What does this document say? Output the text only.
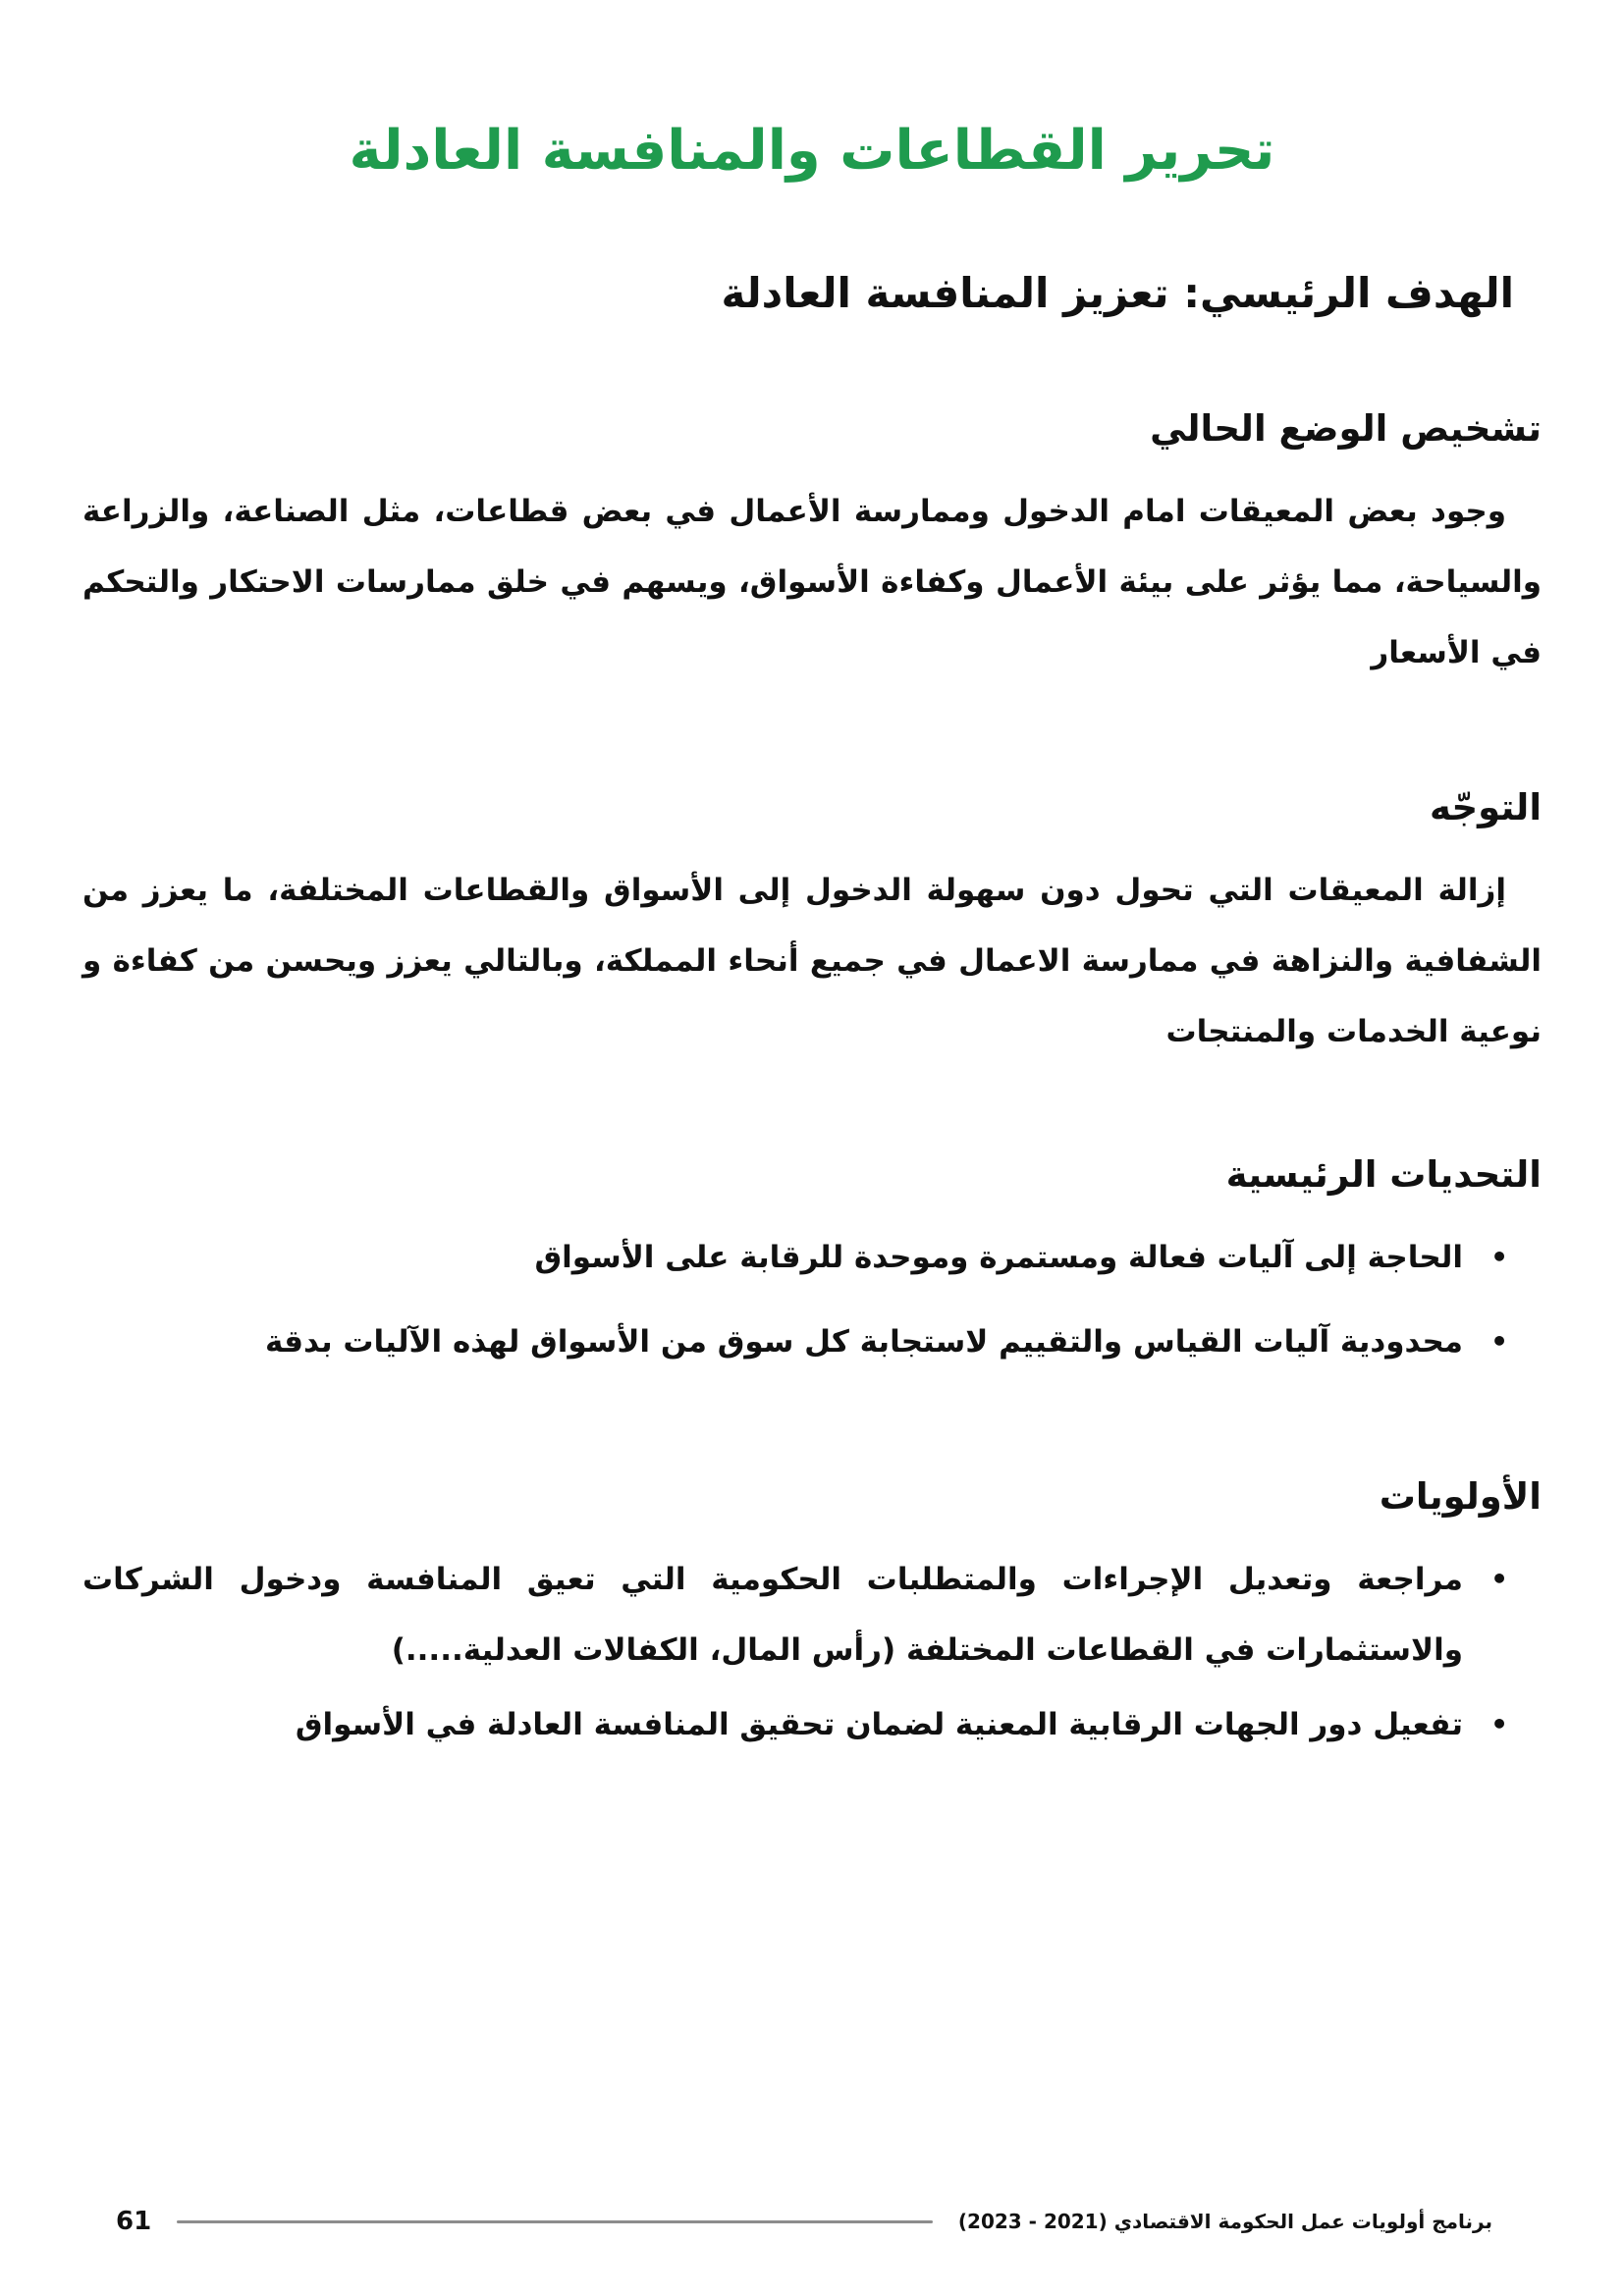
تحرير القطاعات والمنافسة العادلة
الهدف الرئيسي: تعزيز المنافسة العادلة
تشخيص الوضع الحالي

وجود بعض المعيقات امام الدخول وممارسة الأعمال في بعض قطاعات، مثل الصناعة، والزراعة والسياحة، مما يؤثر على بيئة الأعمال وكفاءة الأسواق، ويسهم في خلق ممارسات الاحتكار والتحكم في الأسعار

التوجّه

إزالة المعيقات التي تحول دون سهولة الدخول إلى الأسواق والقطاعات المختلفة، ما يعزز من الشفافية والنزاهة في ممارسة الاعمال في جميع أنحاء المملكة، وبالتالي يعزز ويحسن من كفاءة و نوعية الخدمات والمنتجات

التحديات الرئيسية
•
الحاجة إلى آليات فعالة ومستمرة وموحدة للرقابة على الأسواق
•
محدودية آليات القياس والتقييم لاستجابة كل سوق من الأسواق لهذه الآليات بدقة
الأولويات
•
مراجعة وتعديل الإجراءات والمتطلبات الحكومية التي تعيق المنافسة ودخول الشركات والاستثمارات في القطاعات المختلفة (رأس المال، الكفالات العدلية.....)
•
تفعيل دور الجهات الرقابية المعنية لضمان تحقيق المنافسة العادلة في الأسواق
61	برنامج أولويات عمل الحكومة الاقتصادي (2021 - 2023)
